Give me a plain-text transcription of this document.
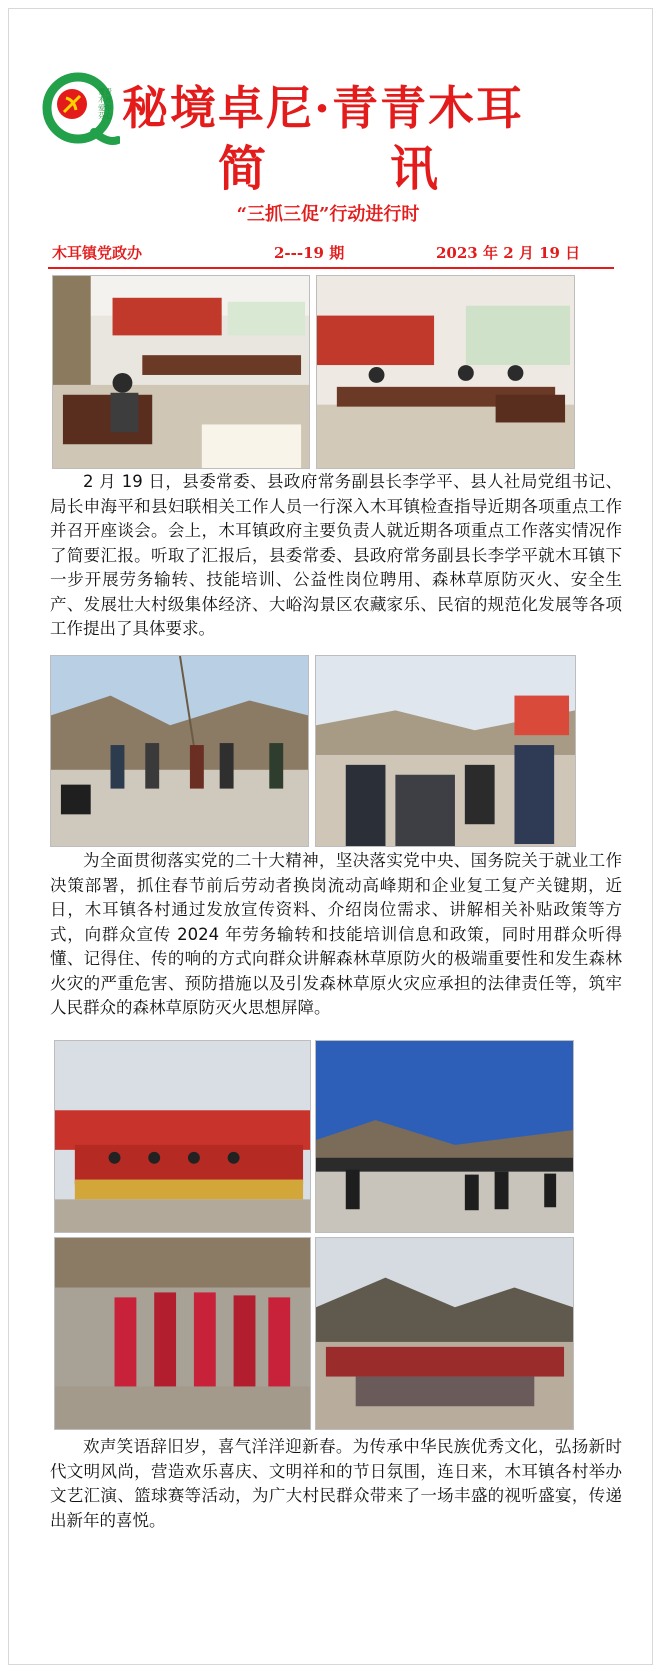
青青木耳 爱尔芬心 秘境卓尼·青青木耳
简	讯
“三抓三促”行动进行时
木耳镇党政办	2---19 期	2023 年 2 月 19 日

2 月 19 日，县委常委、县政府常务副县长李学平、县人社局党组书记、局长申海平和县妇联相关工作人员一行深入木耳镇检查指导近期各项重点工作并召开座谈会。会上，木耳镇政府主要负责人就近期各项重点工作落实情况作了简要汇报。听取了汇报后，县委常委、县政府常务副县长李学平就木耳镇下一步开展劳务输转、技能培训、公益性岗位聘用、森林草原防灭火、安全生产、发展壮大村级集体经济、大峪沟景区农藏家乐、民宿的规范化发展等各项工作提出了具体要求。

为全面贯彻落实党的二十大精神，坚决落实党中央、国务院关于就业工作决策部署，抓住春节前后劳动者换岗流动高峰期和企业复工复产关键期，近日，木耳镇各村通过发放宣传资料、介绍岗位需求、讲解相关补贴政策等方式，向群众宣传 2024 年劳务输转和技能培训信息和政策，同时用群众听得懂、记得住、传的响的方式向群众讲解森林草原防火的极端重要性和发生森林火灾的严重危害、预防措施以及引发森林草原火灾应承担的法律责任等，筑牢人民群众的森林草原防灭火思想屏障。

欢声笑语辞旧岁，喜气洋洋迎新春。为传承中华民族优秀文化，弘扬新时代文明风尚，营造欢乐喜庆、文明祥和的节日氛围，连日来，木耳镇各村举办文艺汇演、篮球赛等活动，为广大村民群众带来了一场丰盛的视听盛宴，传递出新年的喜悦。
